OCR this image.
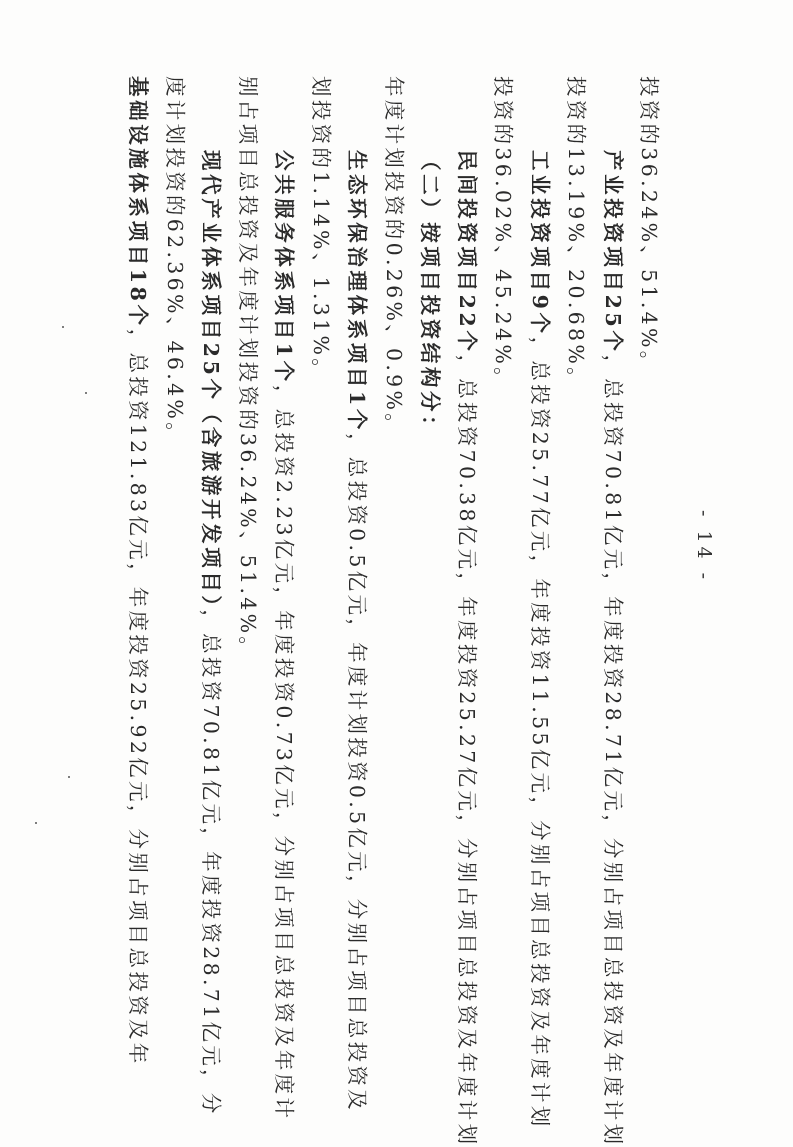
基础设施体系项目18个，总投资121.83亿元，年度投资25.92亿元，分别占项目总投资及年
度计划投资的62.36%、46.4%。 现代产业体系项目25个（含旅游开发项目），总投资70.81亿元，年度投资28.71亿元，分
别占项目总投资及年度计划投资的36.24%、51.4%。 公共服务体系项目1个，总投资2.23亿元，年度投资0.73亿元，分别占项目总投资及年度计
划投资的1.14%、1.31%。 生态环保治理体系项目1个，总投资0.5亿元，年度计划投资0.5亿元，分别占项目总投资及
年度计划投资的0.26%、0.9%。 （二）按项目投资结构分： 民间投资项目22个，总投资70.38亿元，年度投资25.27亿元，分别占项目总投资及年度计划
投资的36.02%、45.24%。 工业投资项目9个，总投资25.77亿元，年度投资11.55亿元，分别占项目总投资及年度计划
投资的13.19%、20.68%。 产业投资项目25个，总投资70.81亿元，年度投资28.71亿元，分别占项目总投资及年度计划
投资的36.24%、51.4%。
- 14 -
